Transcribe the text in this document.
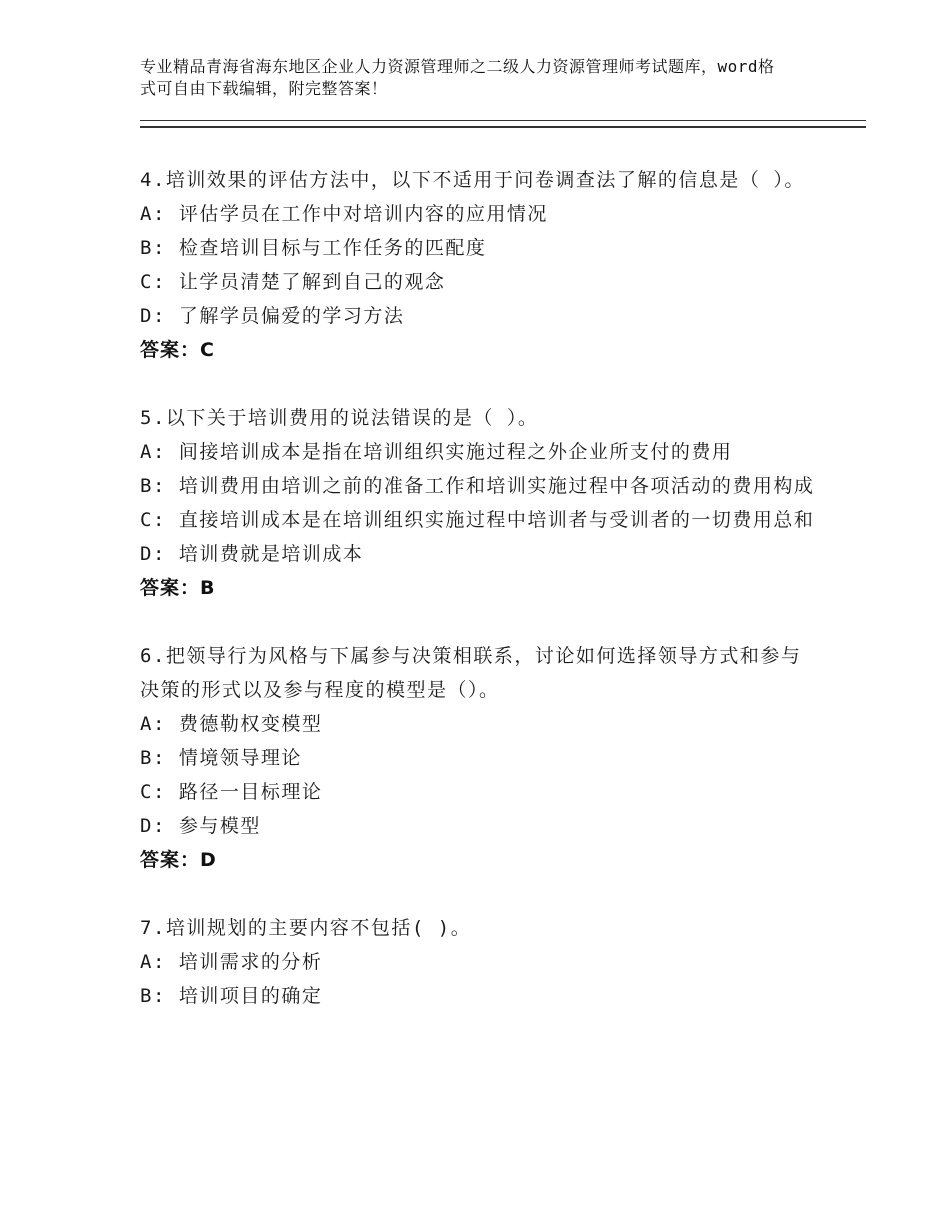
专业精品青海省海东地区企业人力资源管理师之二级人力资源管理师考试题库，word格式可自由下载编辑，附完整答案！

4.培训效果的评估方法中，以下不适用于问卷调查法了解的信息是（ ）。

A: 评估学员在工作中对培训内容的应用情况

B: 检查培训目标与工作任务的匹配度

C: 让学员清楚了解到自己的观念

D: 了解学员偏爱的学习方法

答案：C

5.以下关于培训费用的说法错误的是（ ）。

A: 间接培训成本是指在培训组织实施过程之外企业所支付的费用

B: 培训费用由培训之前的准备工作和培训实施过程中各项活动的费用构成

C: 直接培训成本是在培训组织实施过程中培训者与受训者的一切费用总和

D: 培训费就是培训成本

答案：B

6.把领导行为风格与下属参与决策相联系，讨论如何选择领导方式和参与决策的形式以及参与程度的模型是（）。

A: 费德勒权变模型

B: 情境领导理论

C: 路径一目标理论

D: 参与模型

答案：D

7.培训规划的主要内容不包括( )。

A: 培训需求的分析

B: 培训项目的确定
